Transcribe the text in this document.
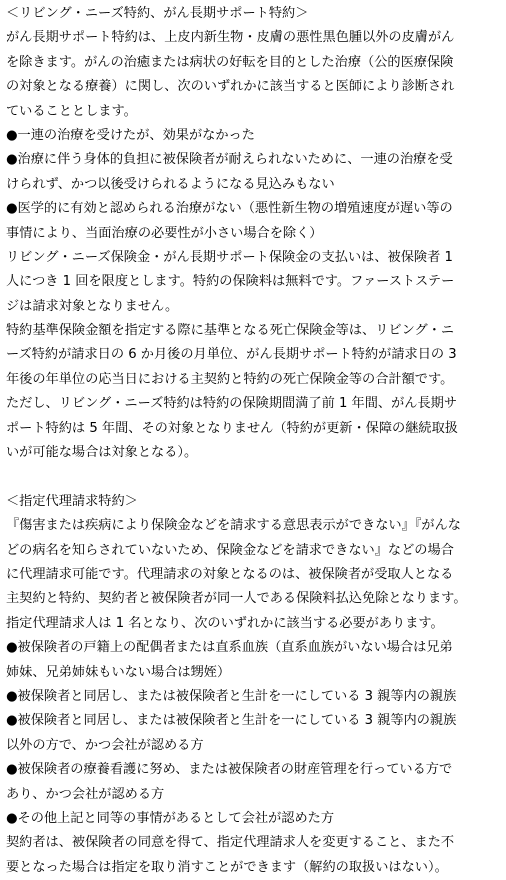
＜リビング・ニーズ特約、がん長期サポート特約＞
がん長期サポート特約は、上皮内新生物・皮膚の悪性黒色腫以外の皮膚がん
を除きます。がんの治癒または病状の好転を目的とした治療（公的医療保険
の対象となる療養）に関し、次のいずれかに該当すると医師により診断され
ていることとします。
●一連の治療を受けたが、効果がなかった
●治療に伴う身体的負担に被保険者が耐えられないために、一連の治療を受
けられず、かつ以後受けられるようになる見込みもない
●医学的に有効と認められる治療がない（悪性新生物の増殖速度が遅い等の
事情により、当面治療の必要性が小さい場合を除く）
リビング・ニーズ保険金・がん長期サポート保険金の支払いは、被保険者 1
人につき 1 回を限度とします。特約の保険料は無料です。ファーストステー
ジは請求対象となりません。
特約基準保険金額を指定する際に基準となる死亡保険金等は、リビング・ニ
ーズ特約が請求日の 6 か月後の月単位、がん長期サポート特約が請求日の 3
年後の年単位の応当日における主契約と特約の死亡保険金等の合計額です。
ただし、リビング・ニーズ特約は特約の保険期間満了前 1 年間、がん長期サ
ポート特約は 5 年間、その対象となりません（特約が更新・保障の継続取扱
いが可能な場合は対象となる）。
＜指定代理請求特約＞
『傷害または疾病により保険金などを請求する意思表示ができない』『がんな
どの病名を知らされていないため、保険金などを請求できない』などの場合
に代理請求可能です。代理請求の対象となるのは、被保険者が受取人となる
主契約と特約、契約者と被保険者が同一人である保険料払込免除となります。
指定代理請求人は 1 名となり、次のいずれかに該当する必要があります。
●被保険者の戸籍上の配偶者または直系血族（直系血族がいない場合は兄弟
姉妹、兄弟姉妹もいない場合は甥姪）
●被保険者と同居し、または被保険者と生計を一にしている 3 親等内の親族
●被保険者と同居し、または被保険者と生計を一にしている 3 親等内の親族
以外の方で、かつ会社が認める方
●被保険者の療養看護に努め、または被保険者の財産管理を行っている方で
あり、かつ会社が認める方
●その他上記と同等の事情があるとして会社が認めた方
契約者は、被保険者の同意を得て、指定代理請求人を変更すること、また不
要となった場合は指定を取り消すことができます（解約の取扱いはない）。
